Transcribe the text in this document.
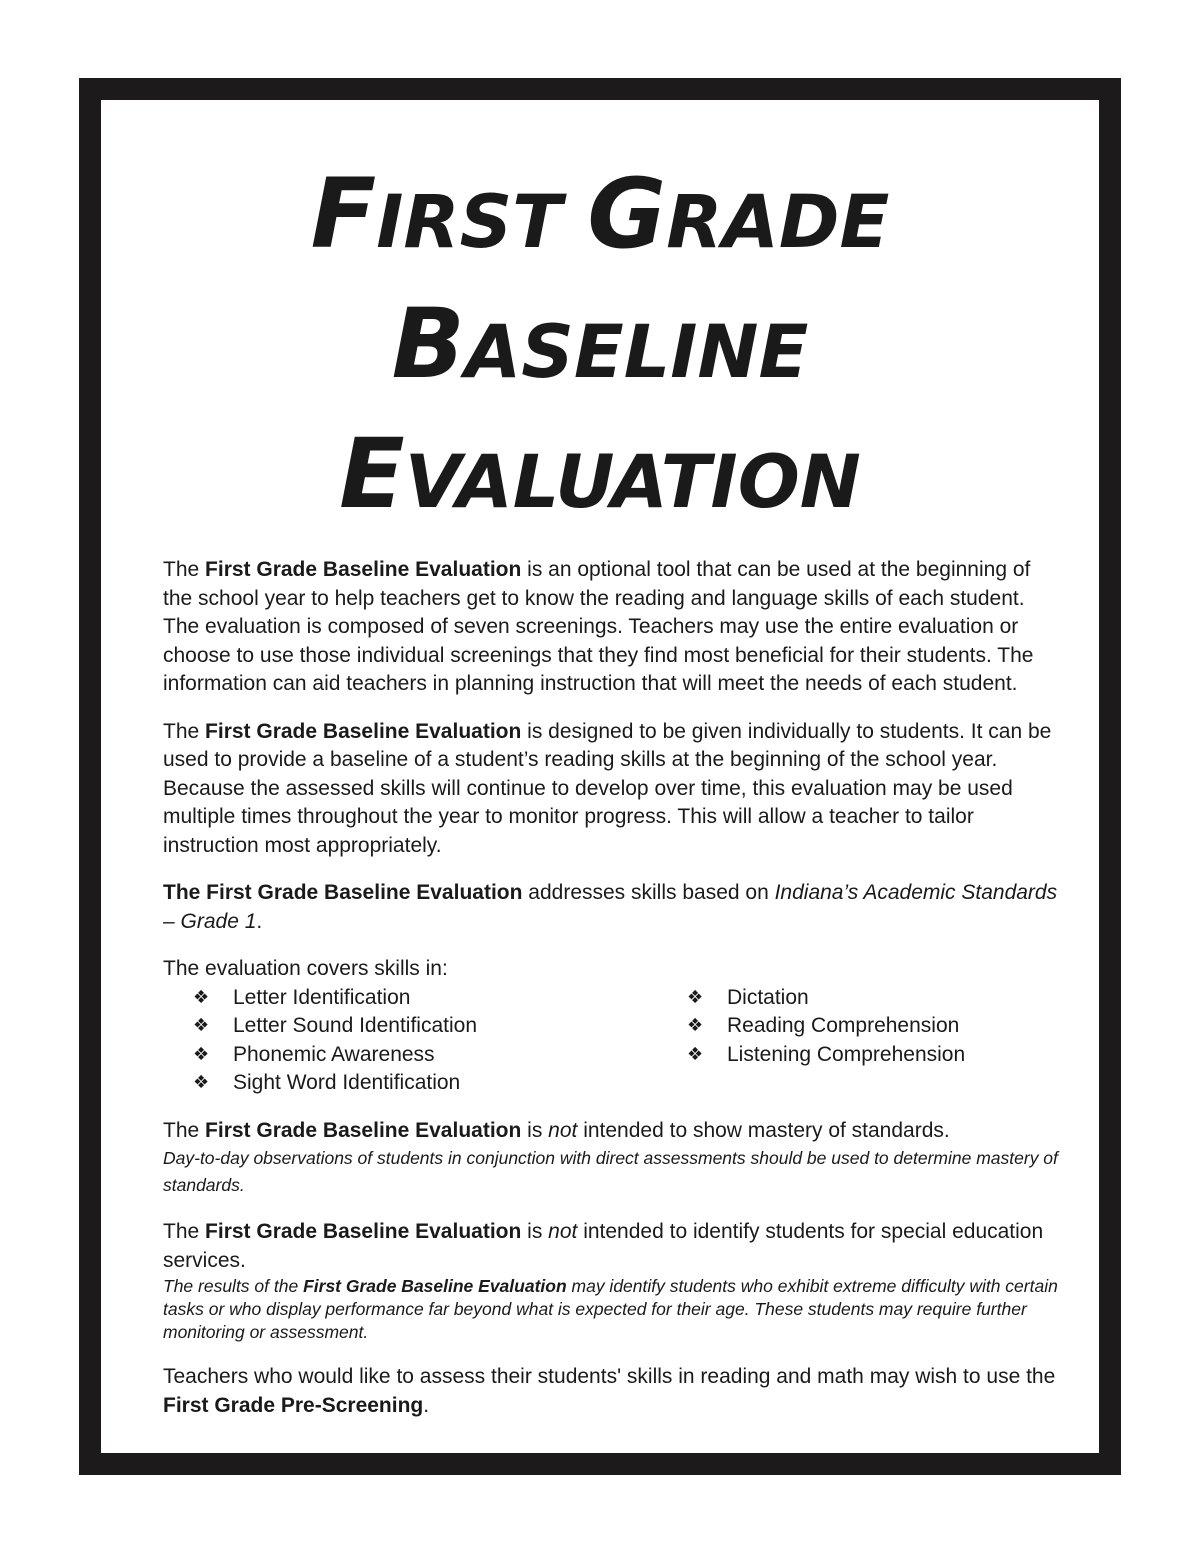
FIRST GRADE
BASELINE
EVALUATION

The First Grade Baseline Evaluation is an optional tool that can be used at the beginning of the school year to help teachers get to know the reading and language skills of each student. The evaluation is composed of seven screenings. Teachers may use the entire evaluation or choose to use those individual screenings that they find most beneficial for their students. The information can aid teachers in planning instruction that will meet the needs of each student.

The First Grade Baseline Evaluation is designed to be given individually to students. It can be used to provide a baseline of a student’s reading skills at the beginning of the school year. Because the assessed skills will continue to develop over time, this evaluation may be used multiple times throughout the year to monitor progress. This will allow a teacher to tailor instruction most appropriately.

The First Grade Baseline Evaluation addresses skills based on Indiana’s Academic Standards – Grade 1.

The evaluation covers skills in:

❖ Letter Identification
❖ Letter Sound Identification
❖ Phonemic Awareness
❖ Sight Word Identification
❖ Dictation
❖ Reading Comprehension
❖ Listening Comprehension

The First Grade Baseline Evaluation is not intended to show mastery of standards.
Day-to-day observations of students in conjunction with direct assessments should be used to determine mastery of standards.

The First Grade Baseline Evaluation is not intended to identify students for special education services.
The results of the First Grade Baseline Evaluation may identify students who exhibit extreme difficulty with certain tasks or who display performance far beyond what is expected for their age. These students may require further monitoring or assessment.

Teachers who would like to assess their students' skills in reading and math may wish to use the First Grade Pre-Screening.
